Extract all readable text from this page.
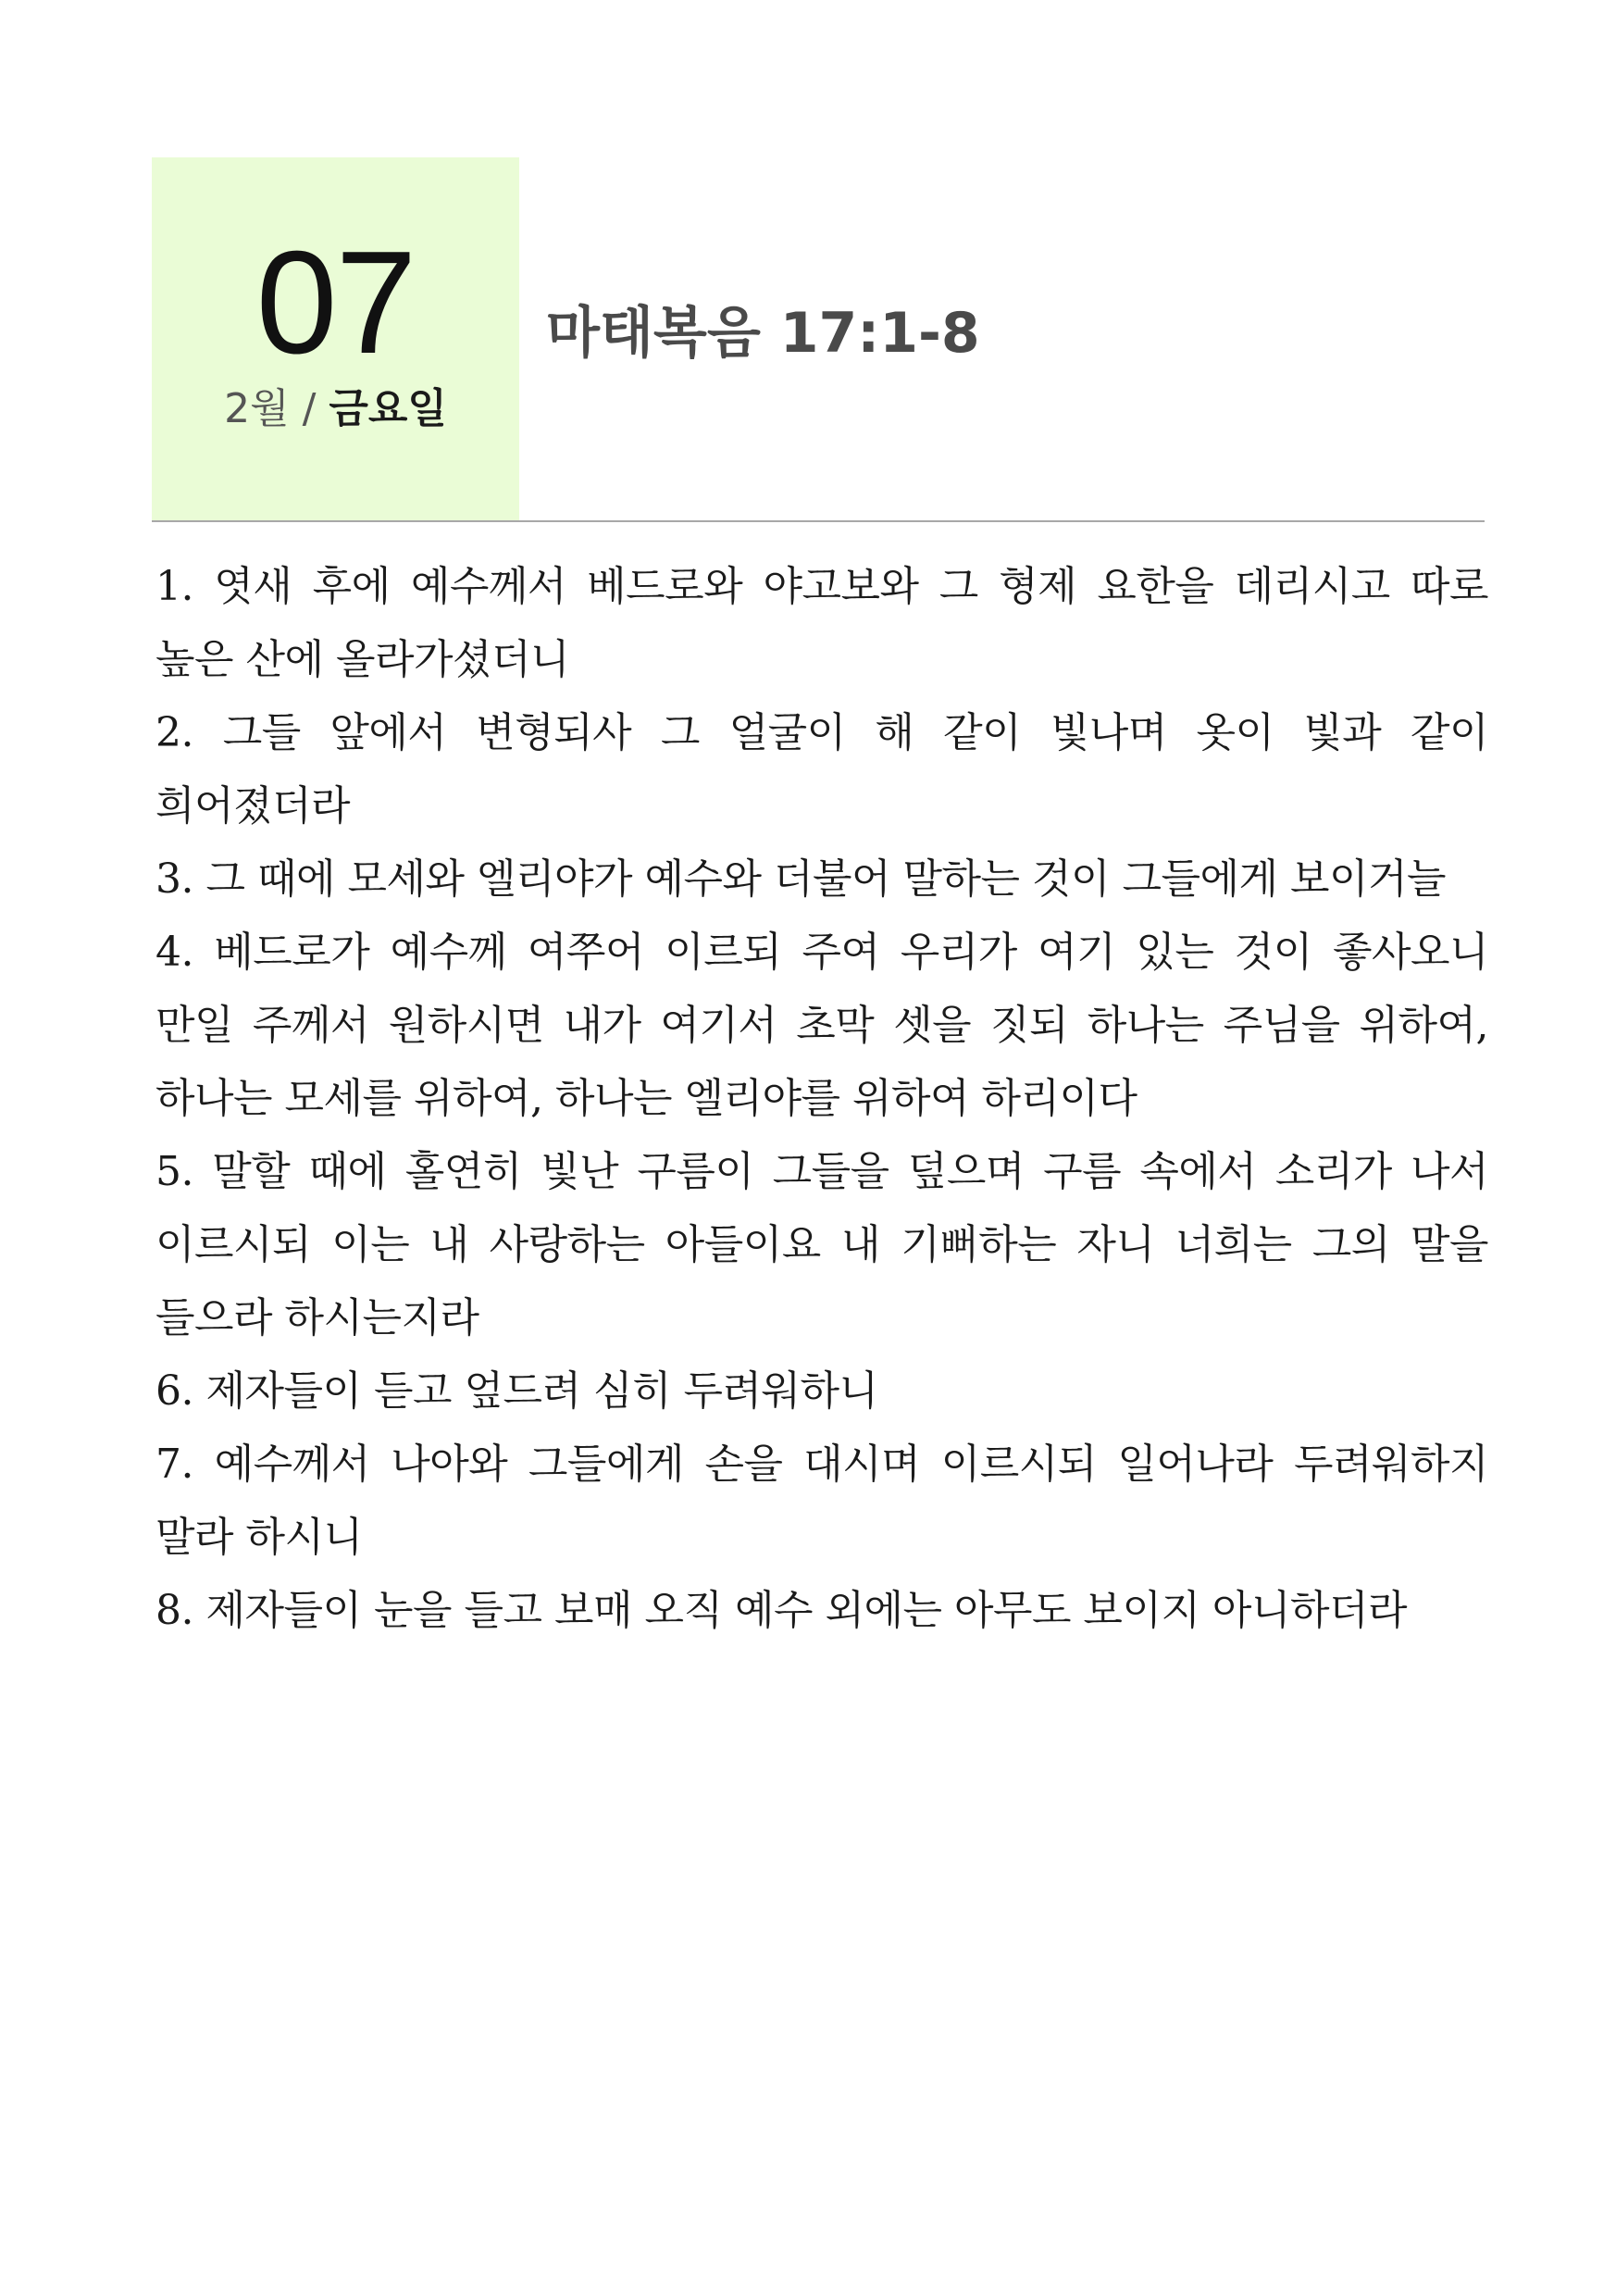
07
2월 / 금요일
마태복음 17:1-8
1. 엿새 후에 예수께서 베드로와 야고보와 그 형제 요한을 데리시고 따로 높은 산에 올라가셨더니
2. 그들 앞에서 변형되사 그 얼굴이 해 같이 빛나며 옷이 빛과 같이 희어졌더라
3. 그 때에 모세와 엘리야가 예수와 더불어 말하는 것이 그들에게 보이거늘
4. 베드로가 예수께 여쭈어 이르되 주여 우리가 여기 있는 것이 좋사오니 만일 주께서 원하시면 내가 여기서 초막 셋을 짓되 하나는 주님을 위하여, 하나는 모세를 위하여, 하나는 엘리야를 위하여 하리이다
5. 말할 때에 홀연히 빛난 구름이 그들을 덮으며 구름 속에서 소리가 나서 이르시되 이는 내 사랑하는 아들이요 내 기뻐하는 자니 너희는 그의 말을 들으라 하시는지라
6. 제자들이 듣고 엎드려 심히 두려워하니
7. 예수께서 나아와 그들에게 손을 대시며 이르시되 일어나라 두려워하지 말라 하시니
8. 제자들이 눈을 들고 보매 오직 예수 외에는 아무도 보이지 아니하더라
